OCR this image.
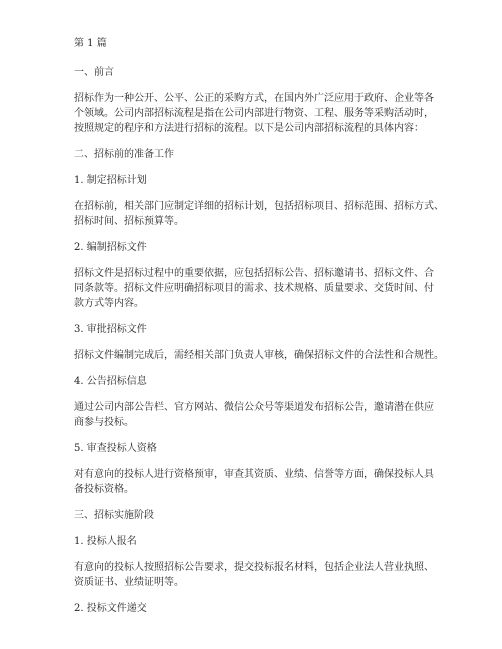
第 1 篇

一、前言

招标作为一种公开、公平、公正的采购方式，在国内外广泛应用于政府、企业等各

个领域。公司内部招标流程是指在公司内部进行物资、工程、服务等采购活动时，

按照规定的程序和方法进行招标的流程。以下是公司内部招标流程的具体内容：

二、招标前的准备工作

1. 制定招标计划

在招标前，相关部门应制定详细的招标计划，包括招标项目、招标范围、招标方式、

招标时间、招标预算等。

2. 编制招标文件

招标文件是招标过程中的重要依据，应包括招标公告、招标邀请书、招标文件、合

同条款等。招标文件应明确招标项目的需求、技术规格、质量要求、交货时间、付

款方式等内容。

3. 审批招标文件

招标文件编制完成后，需经相关部门负责人审核，确保招标文件的合法性和合规性。

4. 公告招标信息

通过公司内部公告栏、官方网站、微信公众号等渠道发布招标公告，邀请潜在供应

商参与投标。

5. 审查投标人资格

对有意向的投标人进行资格预审，审查其资质、业绩、信誉等方面，确保投标人具

备投标资格。

三、招标实施阶段

1. 投标人报名

有意向的投标人按照招标公告要求，提交投标报名材料，包括企业法人营业执照、

资质证书、业绩证明等。

2. 投标文件递交
